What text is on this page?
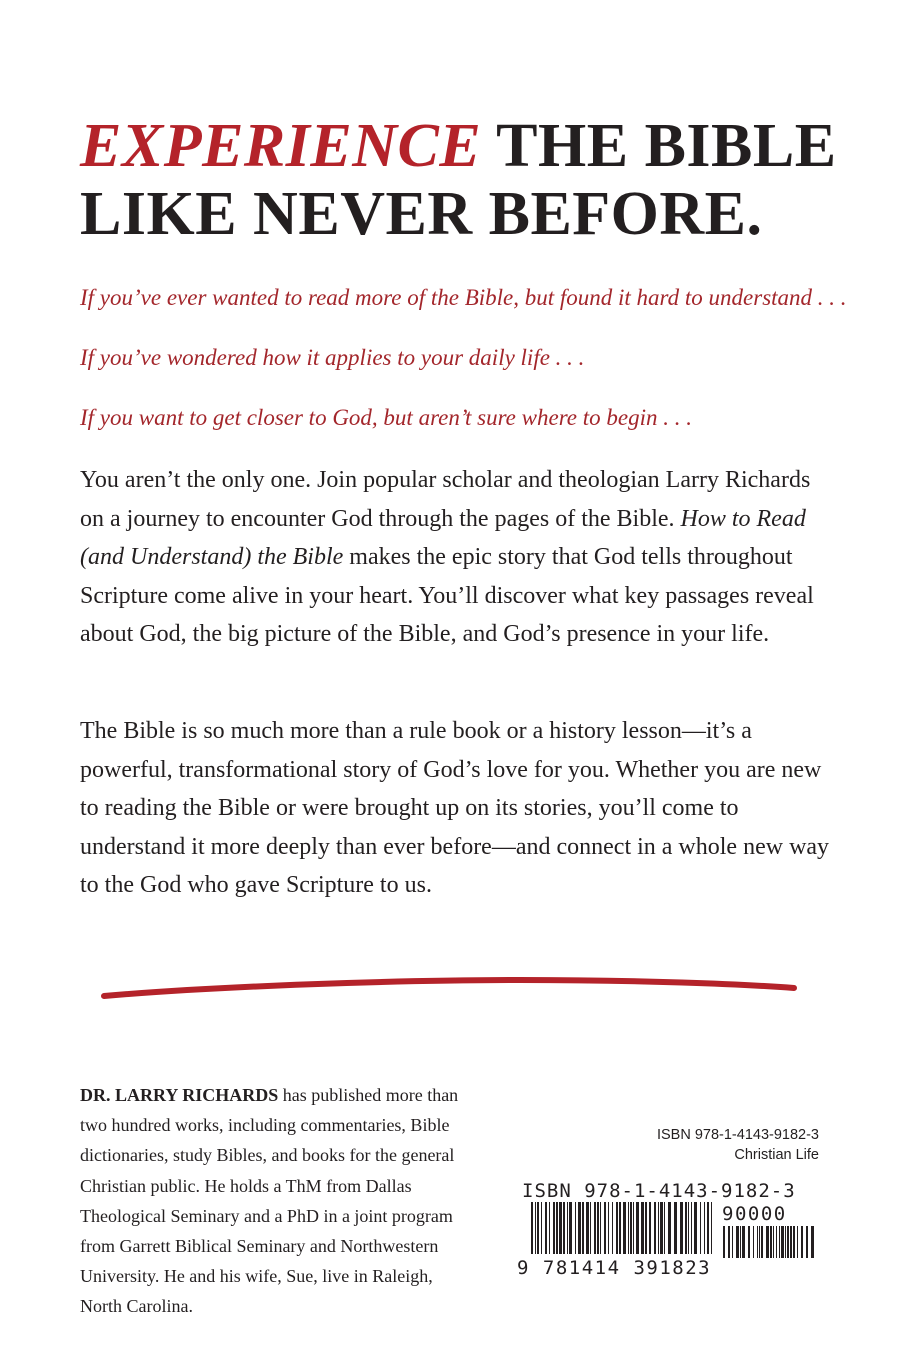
EXPERIENCE THE BIBLE
LIKE NEVER BEFORE.
If you’ve ever wanted to read more of the Bible, but found it hard to understand . . .
If you’ve wondered how it applies to your daily life . . .
If you want to get closer to God, but aren’t sure where to begin . . .
You aren’t the only one. Join popular scholar and theologian Larry Richards on a journey to encounter God through the pages of the Bible. How to Read (and Understand) the Bible makes the epic story that God tells throughout Scripture come alive in your heart. You’ll discover what key passages reveal about God, the big picture of the Bible, and God’s presence in your life.
The Bible is so much more than a rule book or a history lesson—it’s a powerful, transformational story of God’s love for you. Whether you are new to reading the Bible or were brought up on its stories, you’ll come to understand it more deeply than ever before—and connect in a whole new way to the God who gave Scripture to us.
DR. LARRY RICHARDS has published more than two hundred works, including commentaries, Bible dictionaries, study Bibles, and books for the general Christian public. He holds a ThM from Dallas Theological Seminary and a PhD in a joint program from Garrett Biblical Seminary and Northwestern University. He and his wife, Sue, live in Raleigh, North Carolina.
ISBN 978-1-4143-9182-3
Christian Life
ISBN 978-1-4143-9182-3
90000
9 781414 391823
